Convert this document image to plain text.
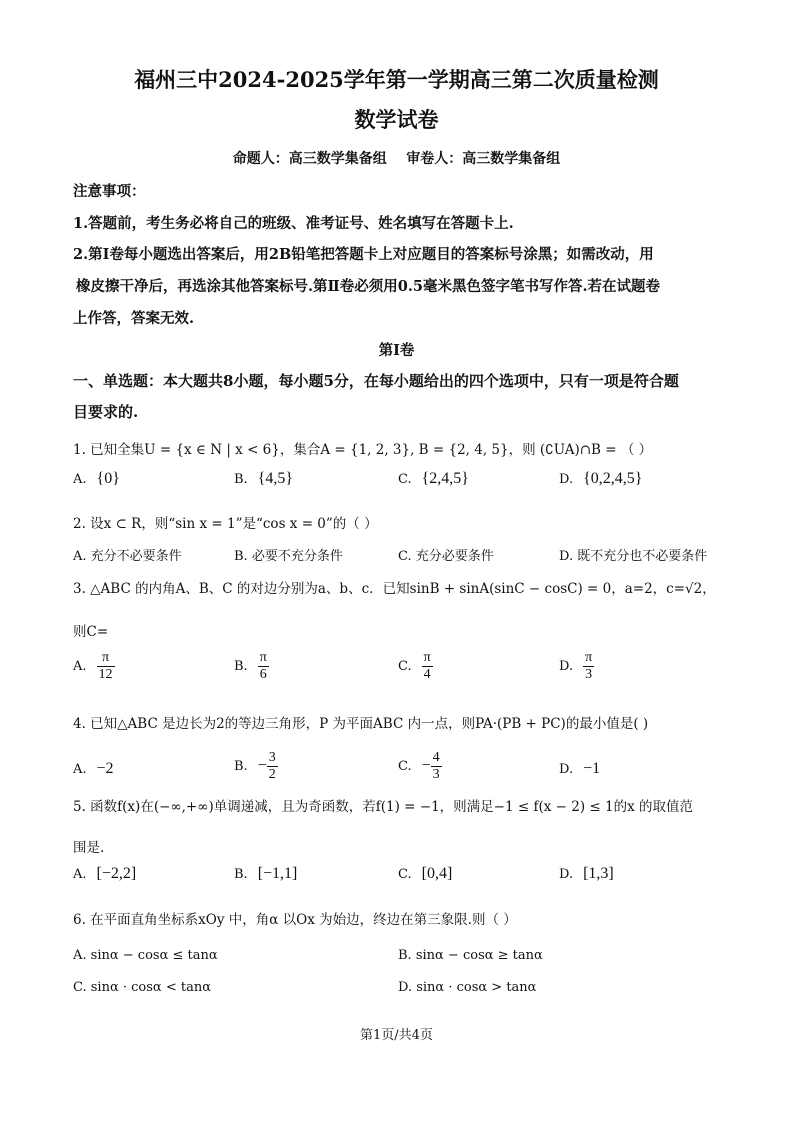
福州三中2024-2025学年第一学期高三第二次质量检测
数学试卷
命题人：高三数学集备组    审卷人：高三数学集备组
注意事项：
1.答题前，考生务必将自己的班级、准考证号、姓名填写在答题卡上.
2.第Ⅰ卷每小题选出答案后，用2B铅笔把答题卡上对应题目的答案标号涂黑；如需改动，用
橡皮擦干净后，再选涂其他答案标号.第Ⅱ卷必须用0.5毫米黑色签字笔书写作答.若在试题卷
上作答，答案无效.
第Ⅰ卷
一、单选题：本大题共8小题，每小题5分，在每小题给出的四个选项中，只有一项是符合题
目要求的.
1. 已知全集U = {x ∈ N | x < 6}，集合A = {1, 2, 3}, B = {2, 4, 5}，则 (∁UA)∩B = （ ）
A. {0}	B. {4,5}	C. {2,4,5}	D. {0,2,4,5}
2. 设x ⊂ R，则“sin x = 1”是“cos x = 0”的（ ）
A. 充分不必要条件	B. 必要不充分条件	C. 充分必要条件	D. 既不充分也不必要条件
3. △ABC 的内角A、B、C 的对边分别为a、b、c．已知sinB + sinA(sinC − cosC) = 0，a=2，c=√2，
则C=
A. $\frac{\pi}{12}$	B. $\frac{\pi}{6}$	C. $\frac{\pi}{4}$	D. $\frac{\pi}{3}$
4. 已知△ABC 是边长为2的等边三角形，P 为平面ABC 内一点，则PA·(PB + PC)的最小值是( )
A. −2	B. − $\frac{3}{2}$	C. − $\frac{4}{3}$	D. −1
5. 函数f(x)在(−∞,+∞)单调递减，且为奇函数，若f(1) = −1，则满足−1 ≤ f(x − 2) ≤ 1的x 的取值范
围是.
A. [−2,2]	B. [−1,1]	C. [0,4]	D. [1,3]
6. 在平面直角坐标系xOy 中，角α 以Ox 为始边，终边在第三象限.则（ ）
A. sinα − cosα ≤ tanα	B. sinα − cosα ≥ tanα
C. sinα · cosα < tanα	D. sinα · cosα > tanα
第1页/共4页
